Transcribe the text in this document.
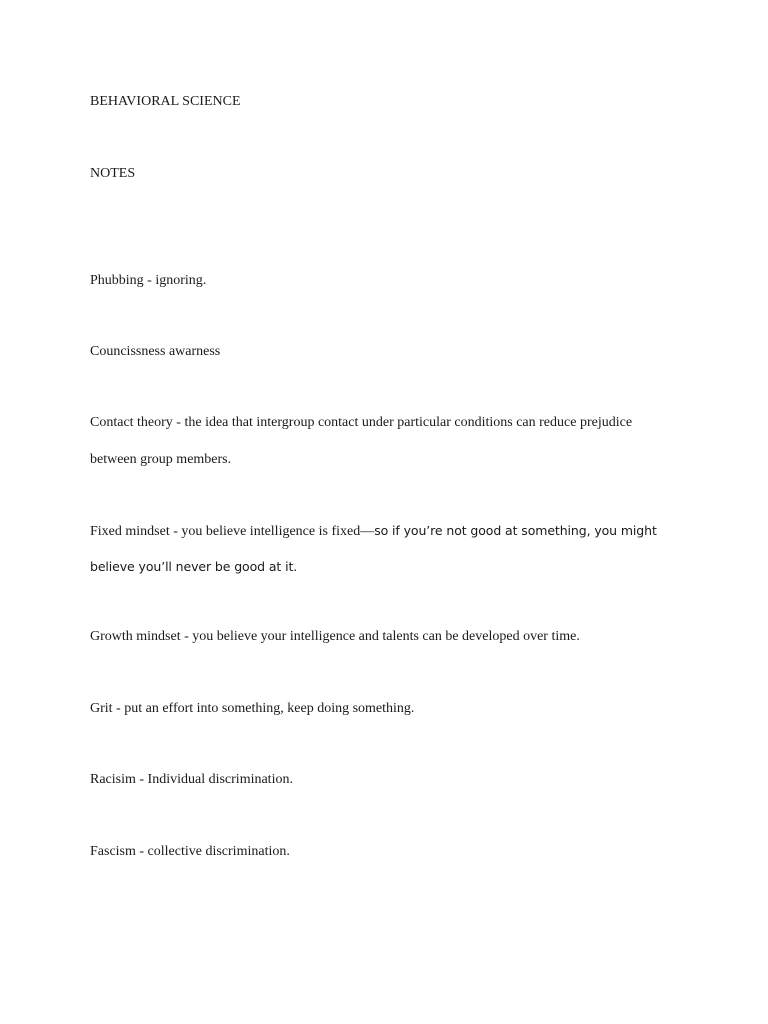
BEHAVIORAL SCIENCE

NOTES

Phubbing - ignoring.

Councissness awarness

Contact theory - the idea that intergroup contact under particular conditions can reduce prejudice

between group members.

Fixed mindset - you believe intelligence is fixed—so if you’re not good at something, you might

believe you’ll never be good at it.

Growth mindset - you believe your intelligence and talents can be developed over time.

Grit - put an effort into something, keep doing something.

Racisim - Individual discrimination.

Fascism - collective discrimination.
